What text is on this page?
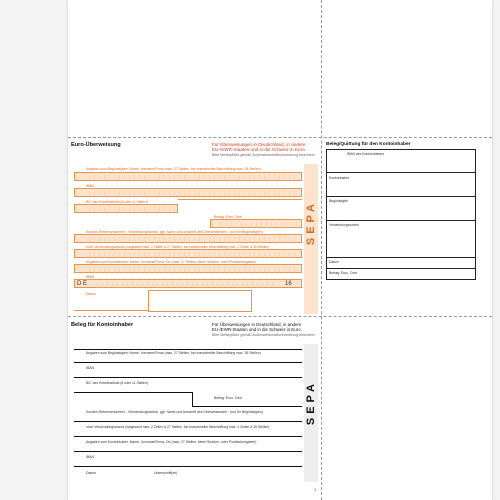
Euro-Überweisung	Für Überweisungen in Deutschland, in andere
EU-/EWR-Staaten und in die Schweiz in Euro.
Bitte Meldepflicht gemäß Außenwirtschaftsverordnung beachten!
Angaben zum Begünstigten: Name, Vorname/Firma (max. 27 Stellen, bei maschineller Beschriftung max. 35 Stellen)
IBAN
BIC des Kreditinstituts (8 oder 11 Stellen)
Betrag: Euro, Cent
Kunden-Referenznummer - Verwendungszweck, ggf. Name und Anschrift des Überweisenden - (nur für Begünstigten)
noch Verwendungszweck (insgesamt max. 2 Zeilen à 27 Stellen, bei maschineller Beschriftung max. 2 Zeilen à 35 Stellen)
Angaben zum Kontoinhaber: Name, Vorname/Firma, Ort (max. 27 Stellen, keine Straßen- oder Postfachangaben)
IBAN
D E	16
Datum
SEPA
Beleg/Quittung für den Kontoinhaber
IBAN des Kontoinhabers
Kontoinhaber
Begünstigter
Verwendungszweck
Datum
Betrag: Euro, Cent
Beleg für Kontoinhaber	Für Überweisungen in Deutschland, in andere
EU-/EWR-Staaten und in die Schweiz in Euro.
Bitte Meldepflicht gemäß Außenwirtschaftsverordnung beachten!
Angaben zum Begünstigten: Name, Vorname/Firma (max. 27 Stellen, bei maschineller Beschriftung max. 35 Stellen)
IBAN
BIC des Kreditinstituts (8 oder 11 Stellen)
Betrag: Euro, Cent
Kunden-Referenznummer - Verwendungszweck, ggf. Name und Anschrift des Überweisenden - (nur für Begünstigten)
noch Verwendungszweck (insgesamt max. 2 Zeilen à 27 Stellen, bei maschineller Beschriftung max. 2 Zeilen à 35 Stellen)
Angaben zum Kontoinhaber: Name, Vorname/Firma, Ort (max. 27 Stellen, keine Straßen- oder Postfachangaben)
IBAN
Datum	Unterschrift(en)
SEPA
3
